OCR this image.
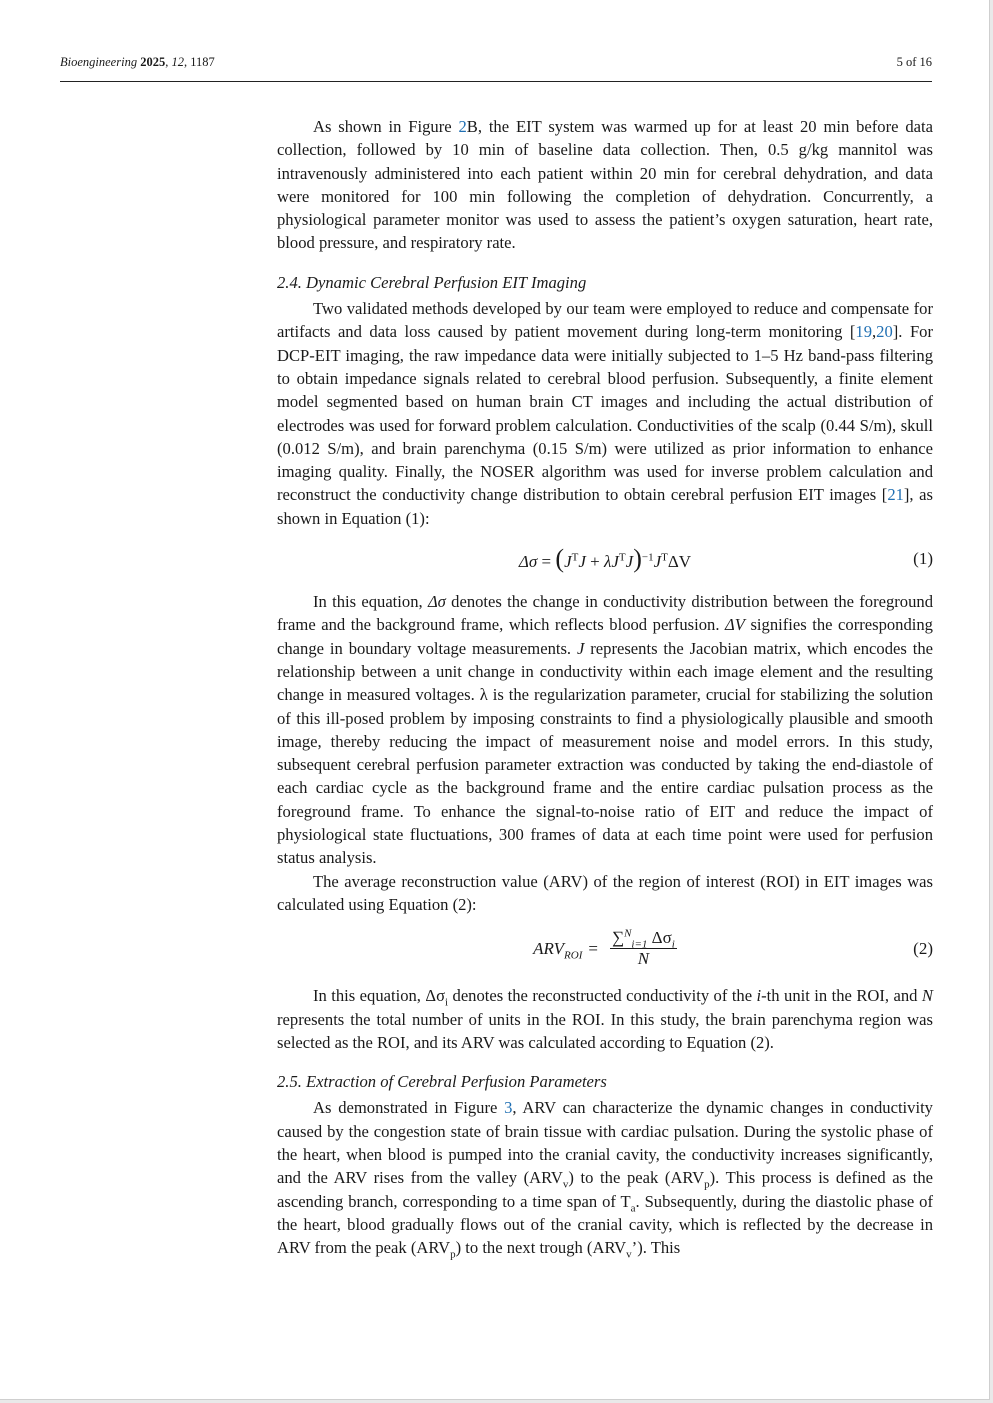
Bioengineering 2025, 12, 1187	5 of 16

As shown in Figure 2B, the EIT system was warmed up for at least 20 min before data collection, followed by 10 min of baseline data collection. Then, 0.5 g/kg mannitol was intravenously administered into each patient within 20 min for cerebral dehydration, and data were monitored for 100 min following the completion of dehydration. Concurrently, a physiological parameter monitor was used to assess the patient’s oxygen saturation, heart rate, blood pressure, and respiratory rate.

2.4. Dynamic Cerebral Perfusion EIT Imaging

Two validated methods developed by our team were employed to reduce and compensate for artifacts and data loss caused by patient movement during long-term monitoring [19,20]. For DCP-EIT imaging, the raw impedance data were initially subjected to 1–5 Hz band-pass filtering to obtain impedance signals related to cerebral blood perfusion. Subsequently, a finite element model segmented based on human brain CT images and including the actual distribution of electrodes was used for forward problem calculation. Conductivities of the scalp (0.44 S/m), skull (0.012 S/m), and brain parenchyma (0.15 S/m) were utilized as prior information to enhance imaging quality. Finally, the NOSER algorithm was used for inverse problem calculation and reconstruct the conductivity change distribution to obtain cerebral perfusion EIT images [21], as shown in Equation (1):

$\Delta\sigma = (J^TJ + \lambda J^TJ)^{-1}J^T\Delta V$	(1)

In this equation, Δσ denotes the change in conductivity distribution between the foreground frame and the background frame, which reflects blood perfusion. ΔV signifies the corresponding change in boundary voltage measurements. J represents the Jacobian matrix, which encodes the relationship between a unit change in conductivity within each image element and the resulting change in measured voltages. λ is the regularization parameter, crucial for stabilizing the solution of this ill-posed problem by imposing constraints to find a physiologically plausible and smooth image, thereby reducing the impact of measurement noise and model errors. In this study, subsequent cerebral perfusion parameter extraction was conducted by taking the end-diastole of each cardiac cycle as the background frame and the entire cardiac pulsation process as the foreground frame. To enhance the signal-to-noise ratio of EIT and reduce the impact of physiological state fluctuations, 300 frames of data at each time point were used for perfusion status analysis.

The average reconstruction value (ARV) of the region of interest (ROI) in EIT images was calculated using Equation (2):

$ARV_{ROI} = \frac{\sum^N_{i=1} \Delta\sigma_i}{N}$	(2)

In this equation, $\Delta\sigma_i$ denotes the reconstructed conductivity of the i-th unit in the ROI, and N represents the total number of units in the ROI. In this study, the brain parenchyma region was selected as the ROI, and its ARV was calculated according to Equation (2).

2.5. Extraction of Cerebral Perfusion Parameters

As demonstrated in Figure 3, ARV can characterize the dynamic changes in conductivity caused by the congestion state of brain tissue with cardiac pulsation. During the systolic phase of the heart, when blood is pumped into the cranial cavity, the conductivity increases significantly, and the ARV rises from the valley $(ARV_v)$ to the peak $(ARV_p)$. This process is defined as the ascending branch, corresponding to a time span of $T_a$. Subsequently, during the diastolic phase of the heart, blood gradually flows out of the cranial cavity, which is reflected by the decrease in ARV from the peak $(ARV_p)$ to the next trough $(ARV_v’)$. This
